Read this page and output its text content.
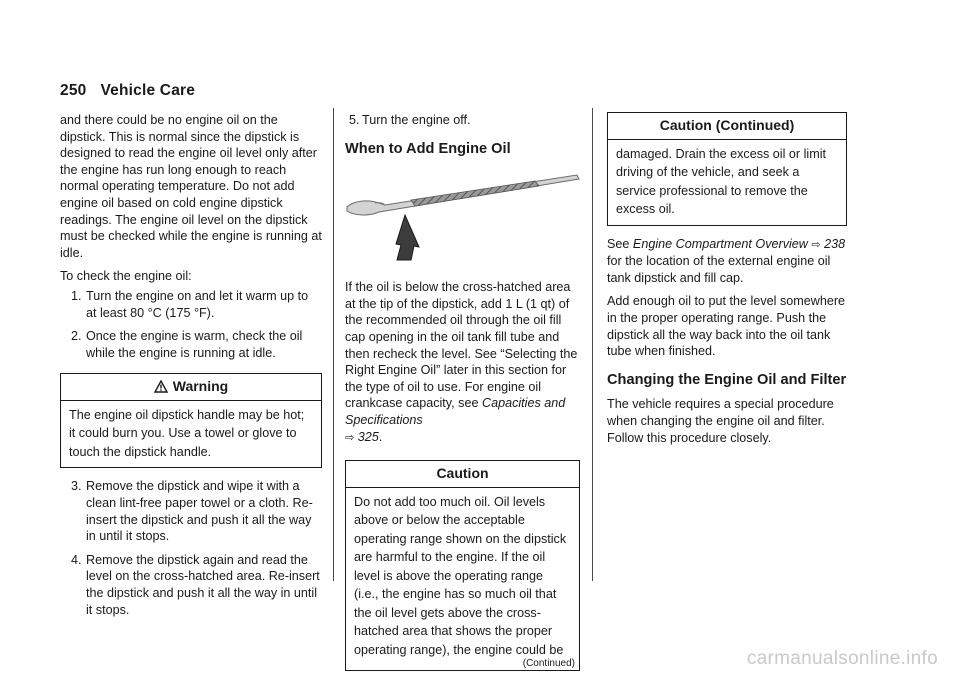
250 Vehicle Care

and there could be no engine oil on the dipstick. This is normal since the dipstick is designed to read the engine oil level only after the engine has run long enough to reach normal operating temperature. Do not add engine oil based on cold engine dipstick readings. The engine oil level on the dipstick must be checked while the engine is running at idle.

To check the engine oil:

1. Turn the engine on and let it warm up to at least 80 °C (175 °F).
2. Once the engine is warm, check the oil while the engine is running at idle.
Warning
The engine oil dipstick handle may be hot; it could burn you. Use a towel or glove to touch the dipstick handle.
3. Remove the dipstick and wipe it with a clean lint-free paper towel or a cloth. Re-insert the dipstick and push it all the way in until it stops.
4. Remove the dipstick again and read the level on the cross-hatched area. Re-insert the dipstick and push it all the way in until it stops.
5. Turn the engine off.
When to Add Engine Oil

If the oil is below the cross-hatched area at the tip of the dipstick, add 1 L (1 qt) of the recommended oil through the oil fill cap opening in the oil tank fill tube and then recheck the level. See “Selecting the Right Engine Oil” later in this section for the type of oil to use. For engine oil crankcase capacity, see Capacities and Specifications
⇨ 325.

Caution
Do not add too much oil. Oil levels above or below the acceptable operating range shown on the dipstick are harmful to the engine. If the oil level is above the operating range (i.e., the engine has so much oil that the oil level gets above the cross-hatched area that shows the proper operating range), the engine could be
(Continued)
Caution (Continued)
damaged. Drain the excess oil or limit driving of the vehicle, and seek a service professional to remove the excess oil.

See Engine Compartment Overview ⇨ 238 for the location of the external engine oil tank dipstick and fill cap.

Add enough oil to put the level somewhere in the proper operating range. Push the dipstick all the way back into the oil tank tube when finished.

Changing the Engine Oil and Filter

The vehicle requires a special procedure when changing the engine oil and filter. Follow this procedure closely.

carmanualsonline.info
